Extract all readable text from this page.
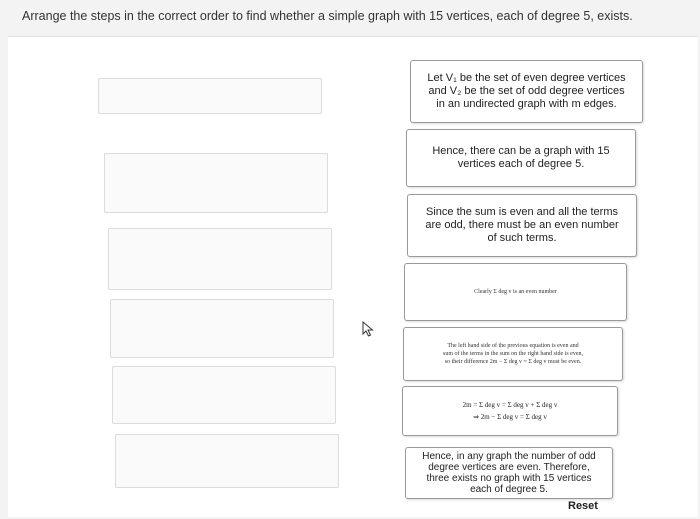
Arrange the steps in the correct order to find whether a simple graph with 15 vertices, each of degree 5, exists.
Let V₁ be the set of even degree vertices
and V₂ be the set of odd degree vertices
in an undirected graph with m edges.
Hence, there can be a graph with 15
vertices each of degree 5.
Since the sum is even and all the terms
are odd, there must be an even number
of such terms.
Clearly Σ deg v is an even number
The left hand side of the previous equation is even and
sum of the terms in the sum on the right hand side is even,
so their difference 2m − Σ deg v = Σ deg v must be even.
2m = Σ deg v = Σ deg v + Σ deg v
⇒ 2m − Σ deg v = Σ deg v
Hence, in any graph the number of odd
degree vertices are even. Therefore,
three exists no graph with 15 vertices
each of degree 5.
Reset
